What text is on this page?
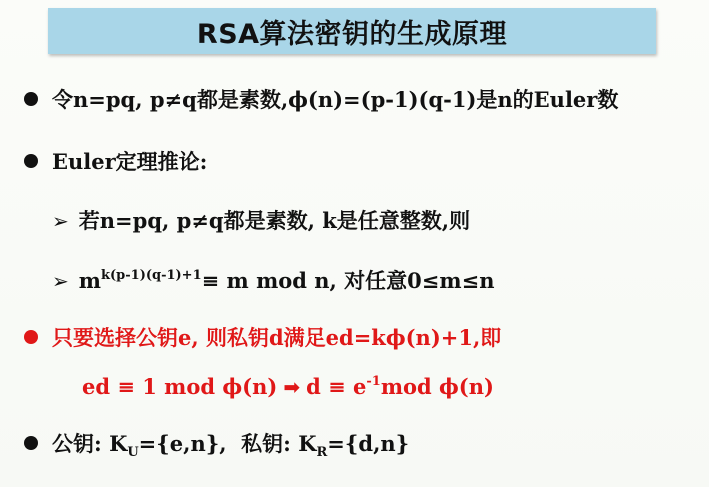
RSA算法密钥的生成原理
令n=pq, p≠q都是素数,ϕ(n)=(p-1)(q-1)是n的Euler数
Euler定理推论:
➢ 若n=pq, p≠q都是素数, k是任意整数,则
➢ m k(p-1)(q-1)+1 ≡ m mod n, 对任意0≤m≤n
只要选择公钥e, 则私钥d满足ed=kϕ(n)+1,即
ed ≡ 1 mod ϕ(n) ➡ d ≡ e -1 mod ϕ(n)
公钥: K U ={e,n},  私钥: K R ={d,n}
